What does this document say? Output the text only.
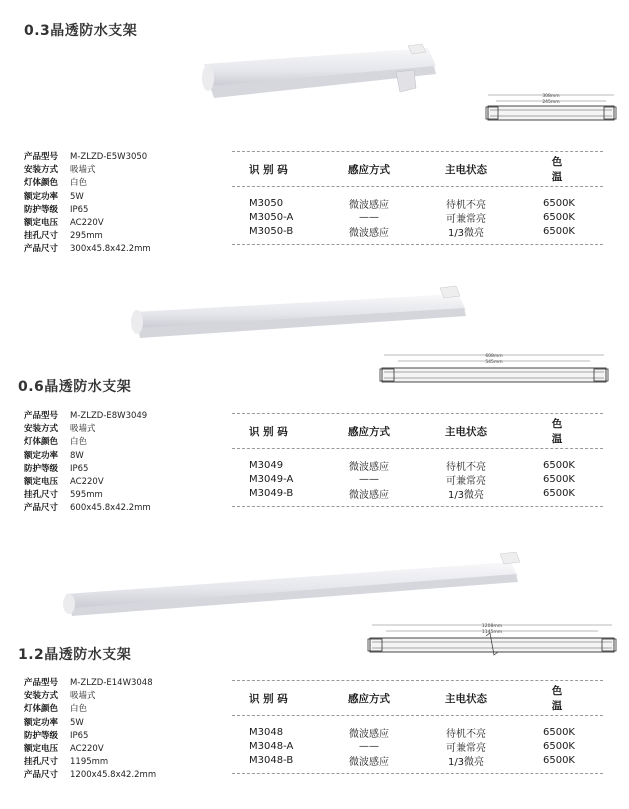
0.3晶透防水支架
308mm
245mm
产品型号	M-ZLZD-E5W3050
安装方式	吸墙式
灯体颜色	白色
额定功率	5W
防护等级	IP65
额定电压	AC220V
挂孔尺寸	295mm
产品尺寸	300x45.8x42.2mm
识 别 码	感应方式	主电状态
色 温
M3050	微波感应	待机不亮	6500K
M3050-A	——	可兼常亮	6500K
M3050-B	微波感应	1/3微亮	6500K
0.6晶透防水支架
608mm
545mm
产品型号	M-ZLZD-E8W3049
安装方式	吸墙式
灯体颜色	白色
额定功率	8W
防护等级	IP65
额定电压	AC220V
挂孔尺寸	595mm
产品尺寸	600x45.8x42.2mm
识 别 码	感应方式	主电状态
色 温
M3049	微波感应	待机不亮	6500K
M3049-A	——	可兼常亮	6500K
M3049-B	微波感应	1/3微亮	6500K
1208mm
1145mm
1.2晶透防水支架
产品型号	M-ZLZD-E14W3048
安装方式	吸墙式
灯体颜色	白色
额定功率	5W
防护等级	IP65
额定电压	AC220V
挂孔尺寸	1195mm
产品尺寸	1200x45.8x42.2mm
识 别 码	感应方式	主电状态
色 温
M3048	微波感应	待机不亮	6500K
M3048-A	——	可兼常亮	6500K
M3048-B	微波感应	1/3微亮	6500K
